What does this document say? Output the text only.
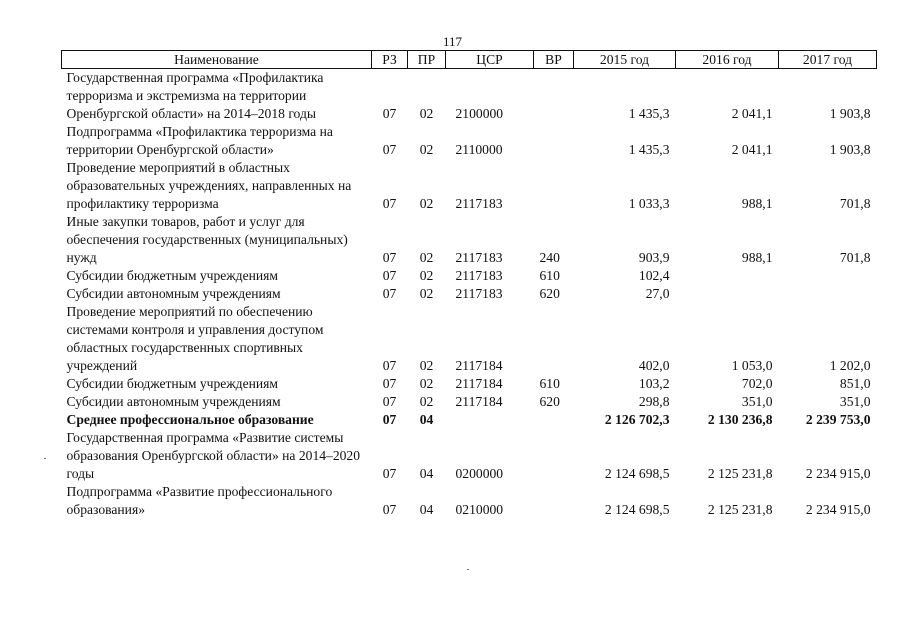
117
Наименование	РЗ	ПР	ЦСР	ВР	2015 год	2016 год	2017 год
Государственная программа «Профилактика терроризма и экстремизма на территории Оренбургской области» на 2014–2018 годы	07	02	2100000		1 435,3	2 041,1	1 903,8
Подпрограмма «Профилактика терроризма на территории Оренбургской области»	07	02	2110000		1 435,3	2 041,1	1 903,8
Проведение мероприятий в областных образовательных учреждениях, направленных на профилактику терроризма	07	02	2117183		1 033,3	988,1	701,8
Иные закупки товаров, работ и услуг для обеспечения государственных (муниципальных) нужд	07	02	2117183	240	903,9	988,1	701,8
Субсидии бюджетным учреждениям	07	02	2117183	610	102,4		
Субсидии автономным учреждениям	07	02	2117183	620	27,0		
Проведение мероприятий по обеспечению системами контроля и управления доступом областных государственных спортивных учреждений	07	02	2117184		402,0	1 053,0	1 202,0
Субсидии бюджетным учреждениям	07	02	2117184	610	103,2	702,0	851,0
Субсидии автономным учреждениям	07	02	2117184	620	298,8	351,0	351,0
Среднее профессиональное образование	07	04			2 126 702,3	2 130 236,8	2 239 753,0
Государственная программа «Развитие системы образования Оренбургской области» на 2014–2020 годы	07	04	0200000		2 124 698,5	2 125 231,8	2 234 915,0
Подпрограмма «Развитие профессионального образования»	07	04	0210000		2 124 698,5	2 125 231,8	2 234 915,0
